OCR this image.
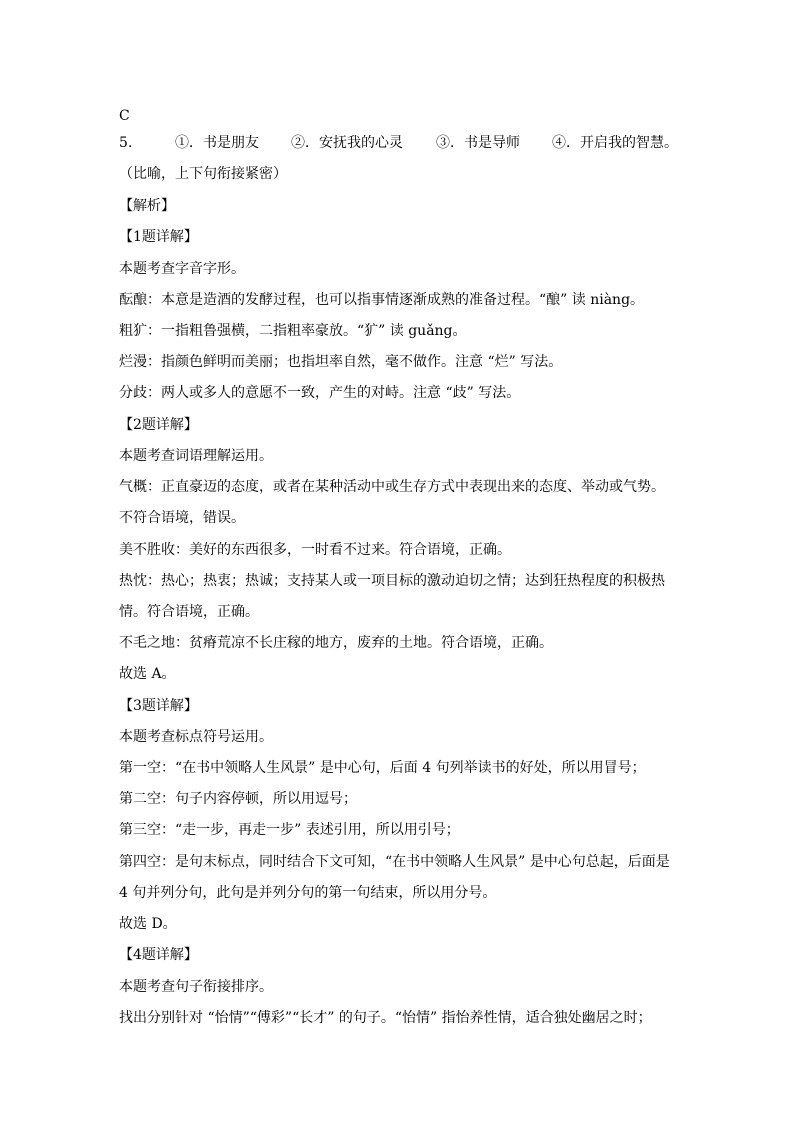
C
5.	①．书是朋友 ②．安抚我的心灵 ③．书是导师 ④．开启我的智慧。
（比喻，上下句衔接紧密）
【解析】
【1题详解】
本题考查字音字形。
酝酿：本意是造酒的发酵过程，也可以指事情逐渐成熟的准备过程。“酿” 读 niàng。
粗犷：一指粗鲁强横，二指粗率豪放。“犷” 读 guǎng。
烂漫：指颜色鲜明而美丽；也指坦率自然，毫不做作。注意 “烂” 写法。
分歧：两人或多人的意愿不一致，产生的对峙。注意 “歧” 写法。
【2题详解】
本题考查词语理解运用。
气概：正直豪迈的态度，或者在某种活动中或生存方式中表现出来的态度、举动或气势。
不符合语境，错误。
美不胜收：美好的东西很多，一时看不过来。符合语境，正确。
热忱：热心；热衷；热诚；支持某人或一项目标的激动迫切之情；达到狂热程度的积极热
情。符合语境，正确。
不毛之地：贫瘠荒凉不长庄稼的地方，废弃的土地。符合语境，正确。
故选 A。
【3题详解】
本题考查标点符号运用。
第一空：“在书中领略人生风景” 是中心句，后面 4 句列举读书的好处，所以用冒号；
第二空：句子内容停顿，所以用逗号；
第三空：“走一步，再走一步” 表述引用，所以用引号；
第四空：是句末标点，同时结合下文可知，“在书中领略人生风景” 是中心句总起，后面是
4 句并列分句，此句是并列分句的第一句结束，所以用分号。
故选 D。
【4题详解】
本题考查句子衔接排序。
找出分别针对 “怡情”“傅彩”“长才” 的句子。“怡情” 指怡养性情，适合独处幽居之时；
